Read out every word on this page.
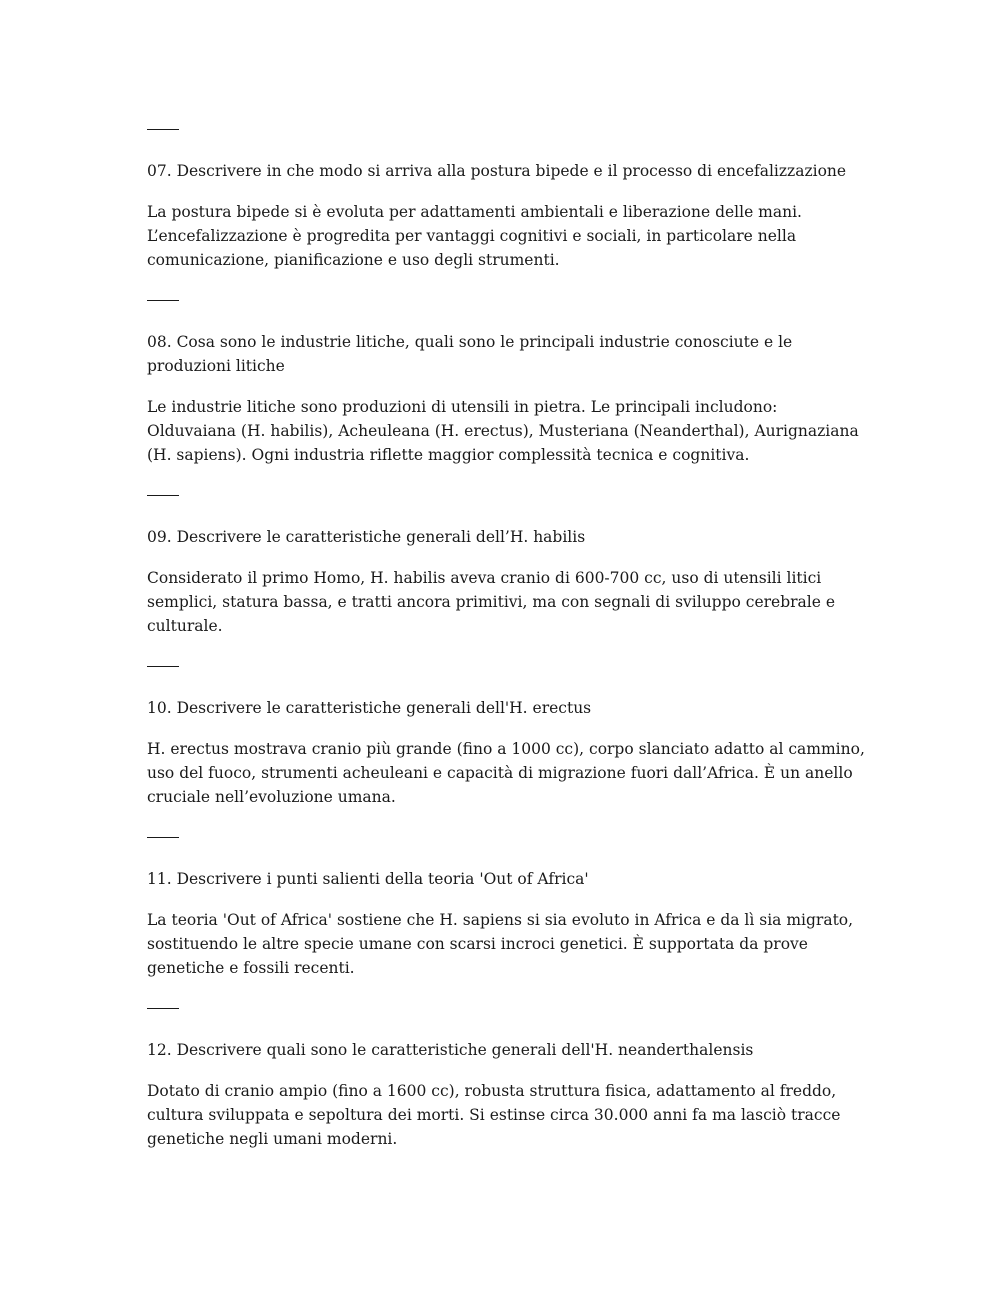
07. Descrivere in che modo si arriva alla postura bipede e il processo di encefalizzazione

La postura bipede si è evoluta per adattamenti ambientali e liberazione delle mani. L’encefalizzazione è progredita per vantaggi cognitivi e sociali, in particolare nella comunicazione, pianificazione e uso degli strumenti.

08. Cosa sono le industrie litiche, quali sono le principali industrie conosciute e le produzioni litiche

Le industrie litiche sono produzioni di utensili in pietra. Le principali includono: Olduvaiana (H. habilis), Acheuleana (H. erectus), Musteriana (Neanderthal), Aurignaziana (H. sapiens). Ogni industria riflette maggior complessità tecnica e cognitiva.

09. Descrivere le caratteristiche generali dell’H. habilis

Considerato il primo Homo, H. habilis aveva cranio di 600-700 cc, uso di utensili litici semplici, statura bassa, e tratti ancora primitivi, ma con segnali di sviluppo cerebrale e culturale.

10. Descrivere le caratteristiche generali dell'H. erectus

H. erectus mostrava cranio più grande (fino a 1000 cc), corpo slanciato adatto al cammino, uso del fuoco, strumenti acheuleani e capacità di migrazione fuori dall’Africa. È un anello cruciale nell’evoluzione umana.

11. Descrivere i punti salienti della teoria 'Out of Africa'

La teoria 'Out of Africa' sostiene che H. sapiens si sia evoluto in Africa e da lì sia migrato, sostituendo le altre specie umane con scarsi incroci genetici. È supportata da prove genetiche e fossili recenti.

12. Descrivere quali sono le caratteristiche generali dell'H. neanderthalensis

Dotato di cranio ampio (fino a 1600 cc), robusta struttura fisica, adattamento al freddo, cultura sviluppata e sepoltura dei morti. Si estinse circa 30.000 anni fa ma lasciò tracce genetiche negli umani moderni.
